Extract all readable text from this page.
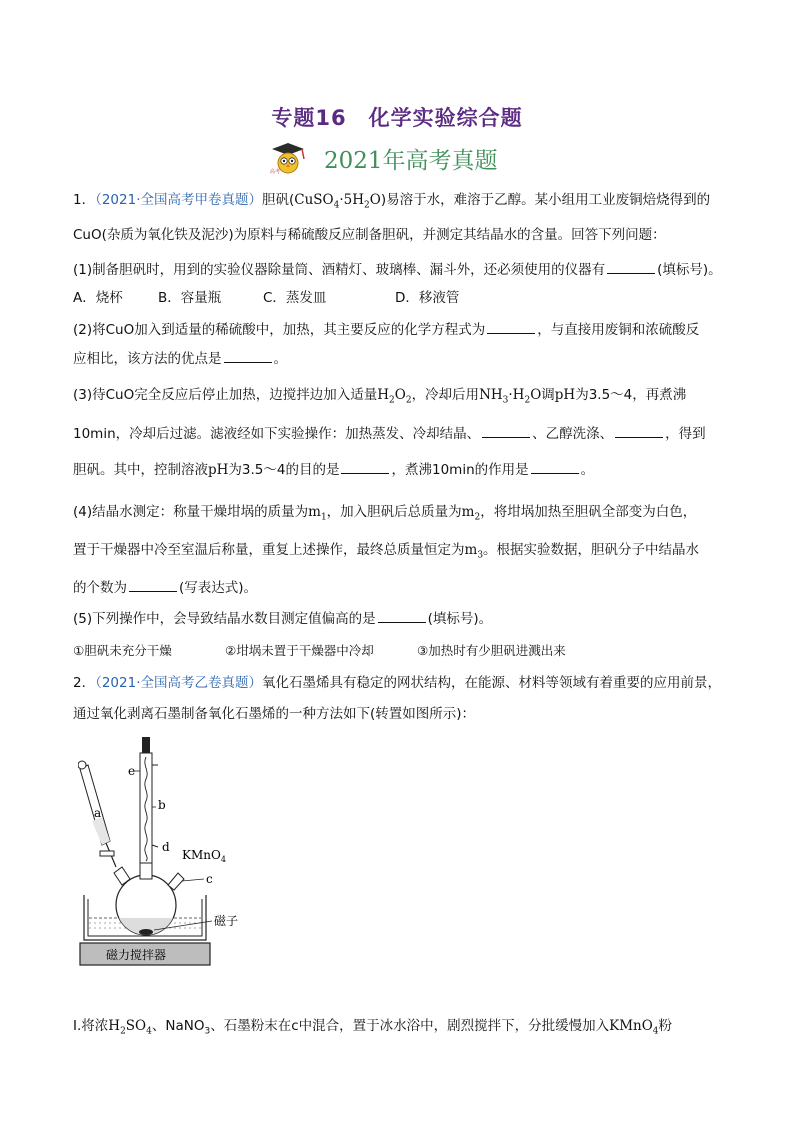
专题16　化学实验综合题
高考 2021年高考真题
1．（2021·全国高考甲卷真题）胆矾$(CuSO_4\cdot 5H_2O)$易溶于水，难溶于乙醇。某小组用工业废铜焙烧得到的
CuO(杂质为氧化铁及泥沙)为原料与稀硫酸反应制备胆矾，并测定其结晶水的含量。回答下列问题：
(1)制备胆矾时，用到的实验仪器除量筒、酒精灯、玻璃棒、漏斗外，还必须使用的仪器有	(填标号)。
A．烧杯	B．容量瓶	C．蒸发皿	D．移液管
(2)将CuO加入到适量的稀硫酸中，加热，其主要反应的化学方程式为	，与直接用废铜和浓硫酸反
应相比，该方法的优点是	。
(3)待CuO完全反应后停止加热，边搅拌边加入适量$H_2O_2$，冷却后用$NH_3\cdot H_2O$调pH为3.5～4，再煮沸
10min，冷却后过滤。滤液经如下实验操作：加热蒸发、冷却结晶、	、乙醇洗涤、	，得到
胆矾。其中，控制溶液pH为3.5～4的目的是	，煮沸10min的作用是	。
(4)结晶水测定：称量干燥坩埚的质量为$m_1$，加入胆矾后总质量为$m_2$，将坩埚加热至胆矾全部变为白色，
置于干燥器中冷至室温后称量，重复上述操作，最终总质量恒定为$m_3$。根据实验数据，胆矾分子中结晶水
的个数为	(写表达式)。
(5)下列操作中，会导致结晶水数目测定值偏高的是	(填标号)。
①胆矾未充分干燥	②坩埚未置于干燥器中冷却	③加热时有少胆矾进溅出来
2．（2021·全国高考乙卷真题）氧化石墨烯具有稳定的网状结构，在能源、材料等领域有着重要的应用前景，
通过氧化剥离石墨制备氧化石墨烯的一种方法如下(转置如图所示)：
a
b
e
d
KMnO$_4$
c
磁子
磁力搅拌器
Ⅰ.将浓$H_2SO_4$、NaNO$_3$、石墨粉末在c中混合，置于冰水浴中，剧烈搅拌下，分批缓慢加入KMnO$_4$粉
